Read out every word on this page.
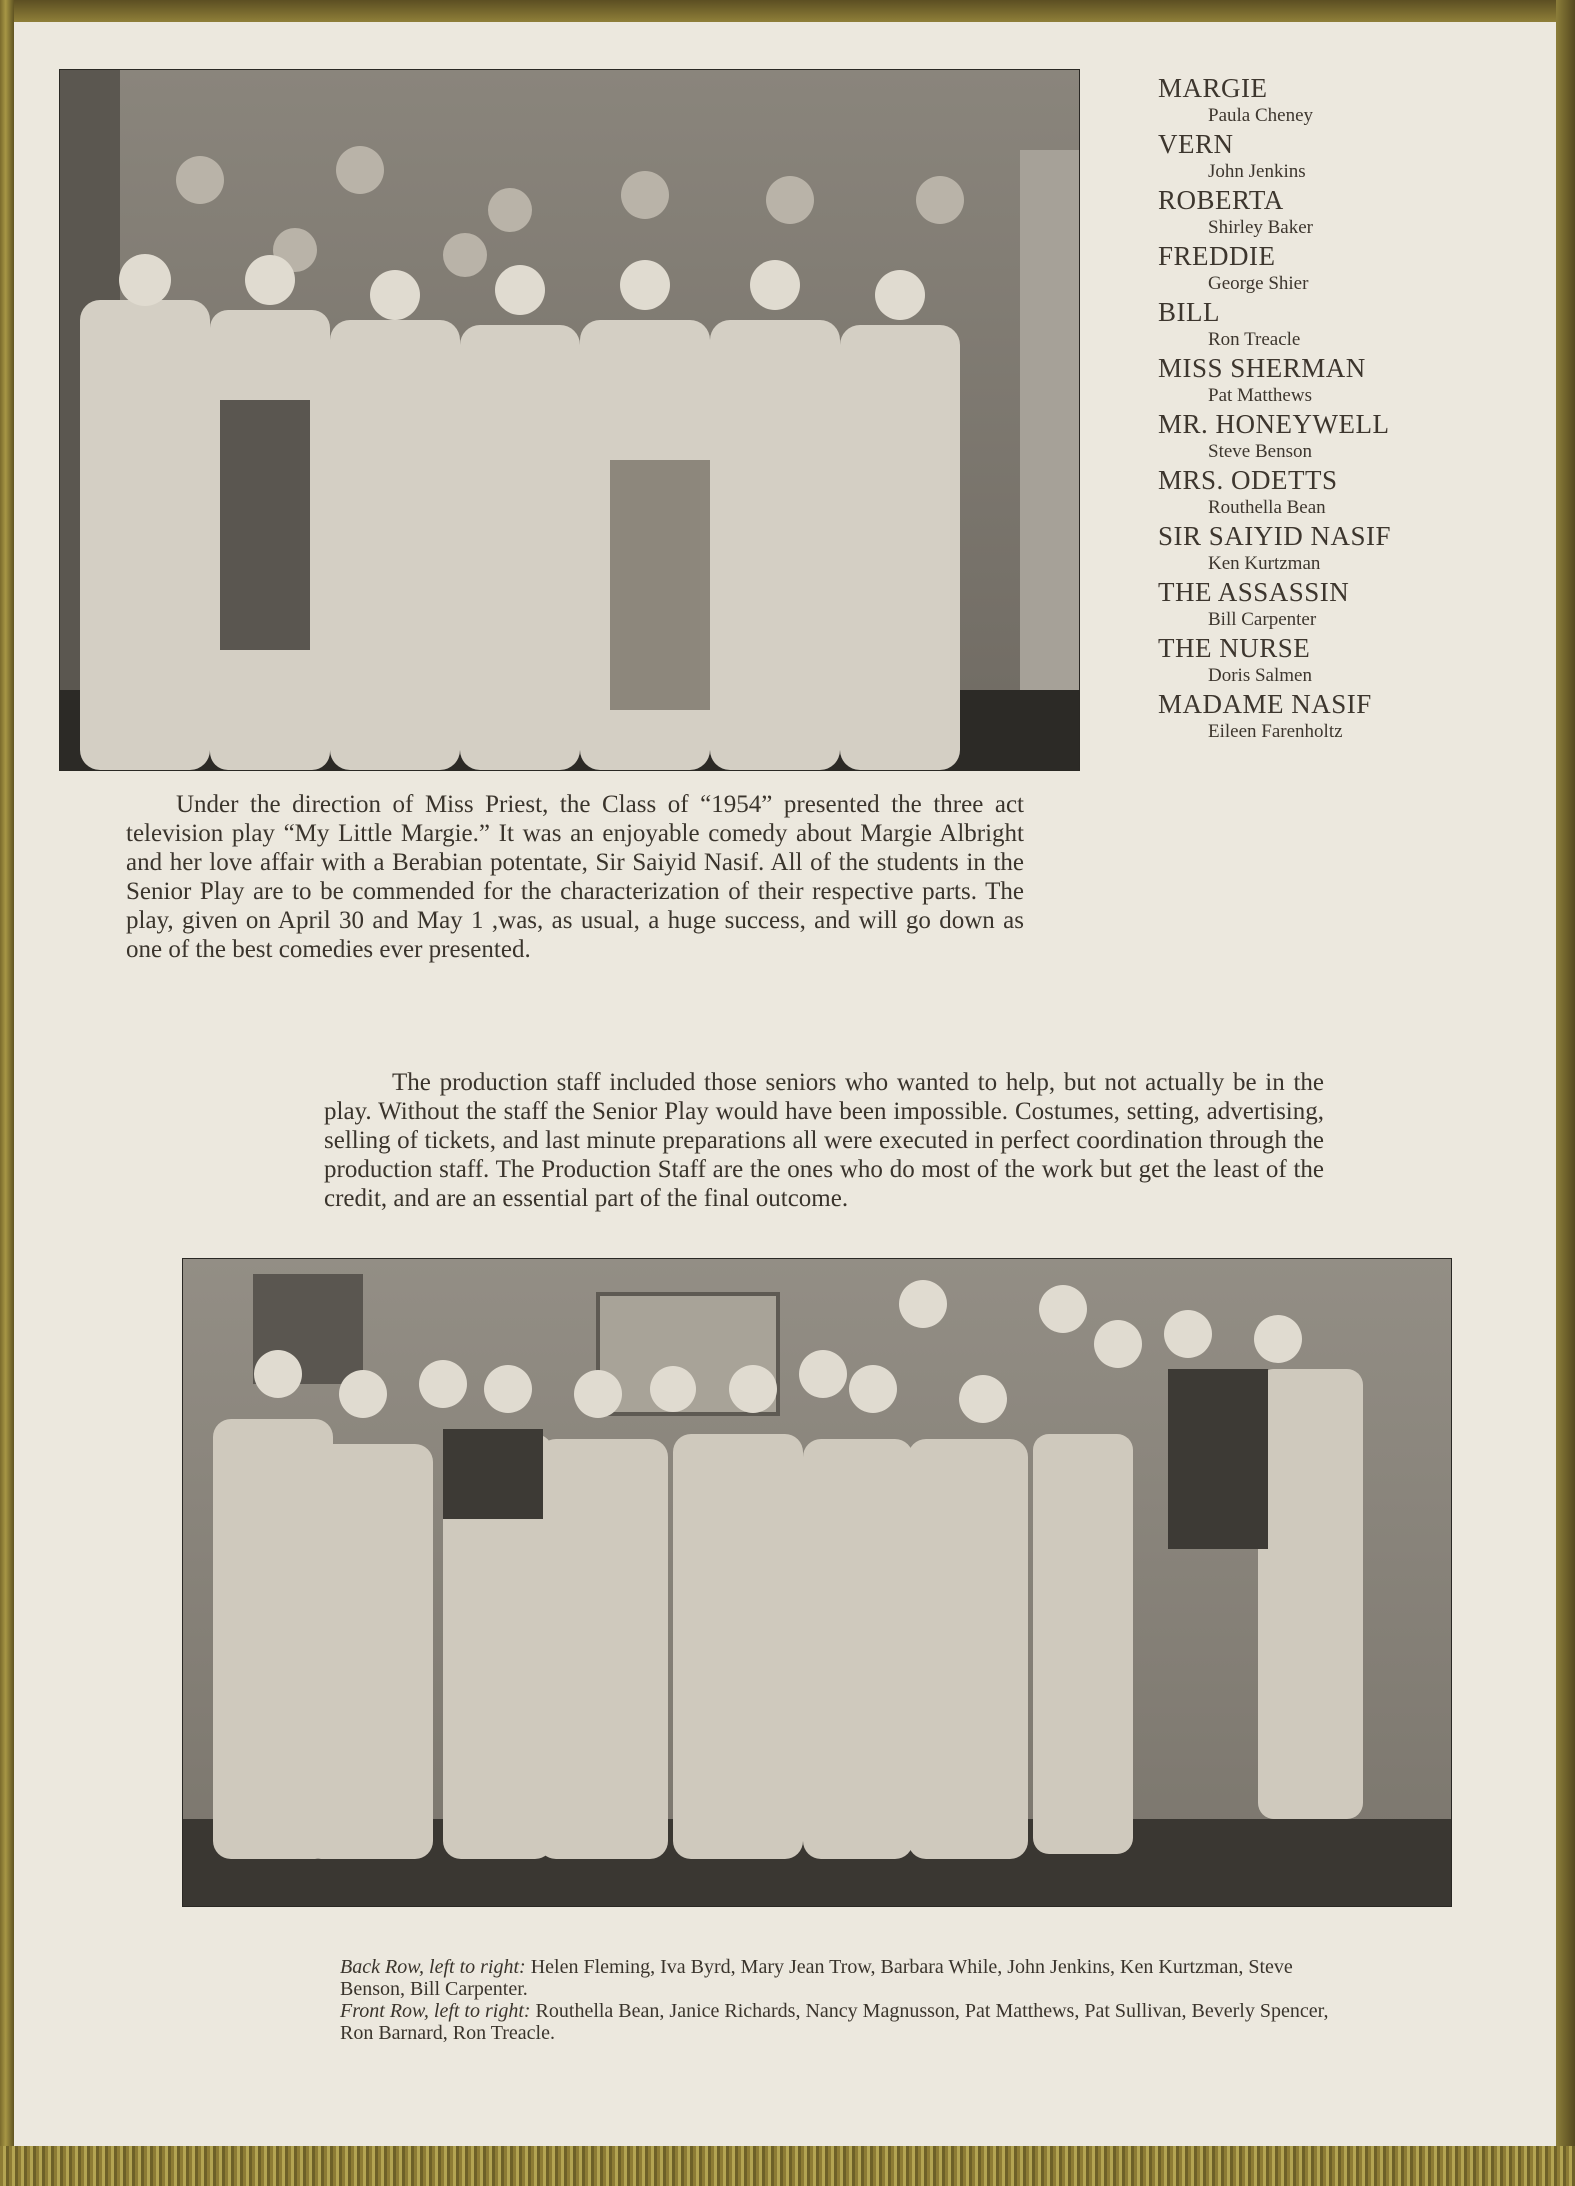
MARGIE
Paula Cheney
VERN
John Jenkins
ROBERTA
Shirley Baker
FREDDIE
George Shier
BILL
Ron Treacle
MISS SHERMAN
Pat Matthews
MR. HONEYWELL
Steve Benson
MRS. ODETTS
Routhella Bean
SIR SAIYID NASIF
Ken Kurtzman
THE ASSASSIN
Bill Carpenter
THE NURSE
Doris Salmen
MADAME NASIF
Eileen Farenholtz

Under the direction of Miss Priest, the Class of “1954” presented the three act television play “My Little Margie.” It was an enjoyable comedy about Margie Albright and her love affair with a Berabian potentate, Sir Saiyid Nasif. All of the students in the Senior Play are to be commended for the characterization of their respective parts. The play, given on April 30 and May 1 ,was, as usual, a huge success, and will go down as one of the best comedies ever presented.

The production staff included those seniors who wanted to help, but not actually be in the play. Without the staff the Senior Play would have been impossible. Costumes, setting, advertising, selling of tickets, and last minute preparations all were executed in perfect coordination through the production staff. The Production Staff are the ones who do most of the work but get the least of the credit, and are an essential part of the final outcome.

Back Row, left to right: Helen Fleming, Iva Byrd, Mary Jean Trow, Barbara While, John Jenkins, Ken Kurtzman, Steve Benson, Bill Carpenter.
Front Row, left to right: Routhella Bean, Janice Richards, Nancy Magnusson, Pat Matthews, Pat Sullivan, Beverly Spencer, Ron Barnard, Ron Treacle.
